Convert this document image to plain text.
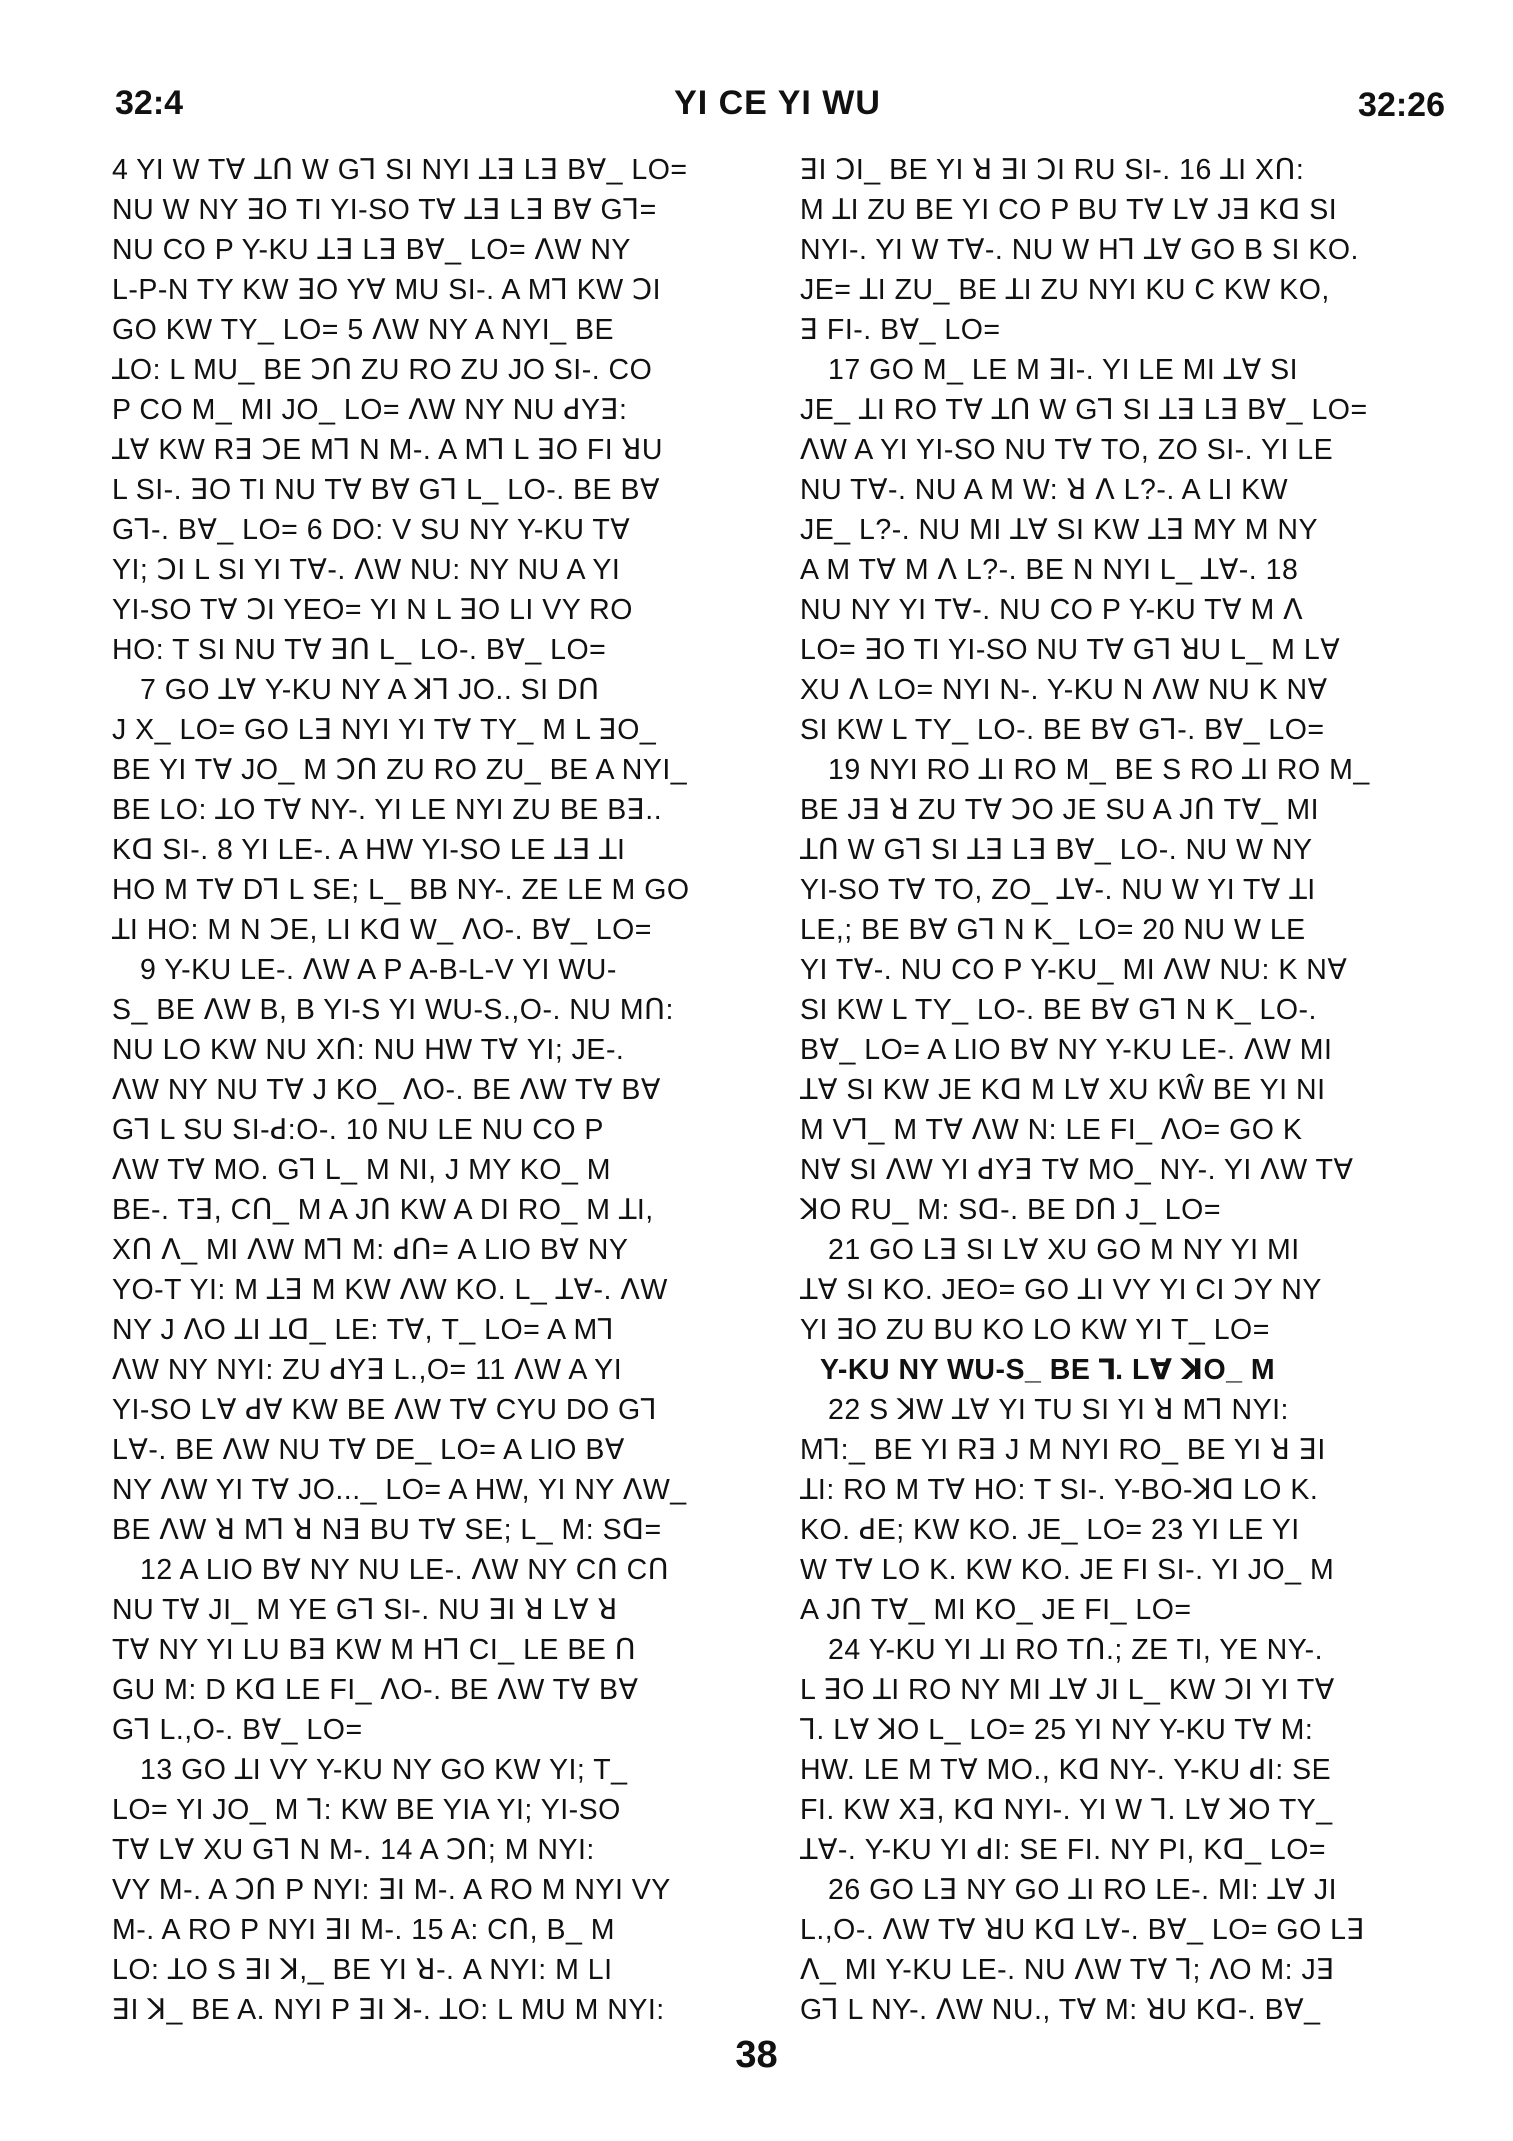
32:4	YI CE YI WU	32:26
4 YI W Tꓯ ꓕꓵ W Gꓶ SI NYI ꓕꓱ Lꓱ Bꓯ_ LO=
NU W NY ꓱO TI YI-SO Tꓯ ꓕꓱ Lꓱ Bꓯ Gꓶ=
NU CO P Y-KU ꓕꓱ Lꓱ Bꓯ_ LO= ꓥW NY
L-P-N TY KW ꓱO Yꓯ MU SI-. A Mꓶ KW ꓛI
GO KW TY_ LO= 5 ꓥW NY A NYI_ BE
ꓕO: L MU_ BE ꓛꓵ ZU RO ZU JO SI-. CO
P CO M_ MI JO_ LO= ꓥW NY NU ꓒYꓱ:
ꓕꓯ KW Rꓱ ꓛE Mꓶ N M-. A Mꓶ L ꓱO FI ꓤU
L SI-. ꓱO TI NU Tꓯ Bꓯ Gꓶ L_ LO-. BE Bꓯ
Gꓶ-. Bꓯ_ LO= 6 DO: V SU NY Y-KU Tꓯ
YI; ꓛI L SI YI Tꓯ-. ꓥW NU: NY NU A YI
YI-SO Tꓯ ꓛI YEO= YI N L ꓱO LI VY RO
HO: T SI NU Tꓯ ꓱꓵ L_ LO-. Bꓯ_ LO=
7 GO ꓕꓯ Y-KU NY A ꓘꓶ JO.. SI Dꓵ
J X_ LO= GO Lꓱ NYI YI Tꓯ TY_ M L ꓱO_
BE YI Tꓯ JO_ M ꓛꓵ ZU RO ZU_ BE A NYI_
BE LO: ꓕO Tꓯ NY-. YI LE NYI ZU BE Bꓱ..
Kꓷ SI-. 8 YI LE-. A HW YI-SO LE ꓕꓱ ꓕI
HO M Tꓯ Dꓶ L SE; L_ BB NY-. ZE LE M GO
ꓕI HO: M N ꓛE, LI Kꓷ W_ ꓥO-. Bꓯ_ LO=
9 Y-KU LE-. ꓥW A P A-B-L-V YI WU-
S_ BE ꓥW B, B YI-S YI WU-S.,O-. NU Mꓵ:
NU LO KW NU Xꓵ: NU HW Tꓯ YI; JE-.
ꓥW NY NU Tꓯ J KO_ ꓥO-. BE ꓥW Tꓯ Bꓯ
Gꓶ L SU SI-ꓒ:O-. 10 NU LE NU CO P
ꓥW Tꓯ MO. Gꓶ L_ M NI, J MY KO_ M
BE-. Tꓱ, Cꓵ_ M A Jꓵ KW A DI RO_ M ꓕI,
Xꓵ ꓥ_ MI ꓥW Mꓶ M: ꓒꓵ= A LIO Bꓯ NY
YO-T YI: M ꓕꓱ M KW ꓥW KO. L_ ꓕꓯ-. ꓥW
NY J ꓥO ꓕI ꓕꓷ_ LE: Tꓯ, T_ LO= A Mꓶ
ꓥW NY NYI: ZU ꓒYꓱ L.,O= 11 ꓥW A YI
YI-SO Lꓯ ꓒꓯ KW BE ꓥW Tꓯ CYU DO Gꓶ
Lꓯ-. BE ꓥW NU Tꓯ DE_ LO= A LIO Bꓯ
NY ꓥW YI Tꓯ JO..._ LO= A HW, YI NY ꓥW_
BE ꓥW ꓤ Mꓶ ꓤ Nꓱ BU Tꓯ SE; L_ M: Sꓷ=
12 A LIO Bꓯ NY NU LE-. ꓥW NY Cꓵ Cꓵ
NU Tꓯ JI_ M YE Gꓶ SI-. NU ꓱI ꓤ Lꓯ ꓤ
Tꓯ NY YI LU Bꓱ KW M Hꓶ CI_ LE BE ꓵ
GU M: D Kꓷ LE FI_ ꓥO-. BE ꓥW Tꓯ Bꓯ
Gꓶ L.,O-. Bꓯ_ LO=
13 GO ꓕI VY Y-KU NY GO KW YI; T_
LO= YI JO_ M ꓶ: KW BE YIA YI; YI-SO
Tꓯ Lꓯ XU Gꓶ N M-. 14 A ꓛꓵ; M NYI:
VY M-. A ꓛꓵ P NYI: ꓱI M-. A RO M NYI VY
M-. A RO P NYI ꓱI M-. 15 A: Cꓵ, B_ M
LO: ꓕO S ꓱI ꓘ,_ BE YI ꓤ-. A NYI: M LI
ꓱI ꓘ_ BE A. NYI P ꓱI ꓘ-. ꓕO: L MU M NYI:
ꓱI ꓛI_ BE YI ꓤ ꓱI ꓛI RU SI-. 16 ꓕI Xꓵ:
M ꓕI ZU BE YI CO P BU Tꓯ Lꓯ Jꓱ Kꓷ SI
NYI-. YI W Tꓯ-. NU W Hꓶ ꓕꓯ GO B SI KO.
JE= ꓕI ZU_ BE ꓕI ZU NYI KU C KW KO,
ꓱ FI-. Bꓯ_ LO=
17 GO M_ LE M ꓱI-. YI LE MI ꓕꓯ SI
JE_ ꓕI RO Tꓯ ꓕꓵ W Gꓶ SI ꓕꓱ Lꓱ Bꓯ_ LO=
ꓥW A YI YI-SO NU Tꓯ TO, ZO SI-. YI LE
NU Tꓯ-. NU A M W: ꓤ ꓥ L?-. A LI KW
JE_ L?-. NU MI ꓕꓯ SI KW ꓕꓱ MY M NY
A M Tꓯ M ꓥ L?-. BE N NYI L_ ꓕꓯ-. 18
NU NY YI Tꓯ-. NU CO P Y-KU Tꓯ M ꓥ
LO= ꓱO TI YI-SO NU Tꓯ Gꓶ ꓤU L_ M Lꓯ
XU ꓥ LO= NYI N-. Y-KU N ꓥW NU K Nꓯ
SI KW L TY_ LO-. BE Bꓯ Gꓶ-. Bꓯ_ LO=
19 NYI RO ꓕI RO M_ BE S RO ꓕI RO M_
BE Jꓱ ꓤ ZU Tꓯ ꓛO JE SU A Jꓵ Tꓯ_ MI
ꓕꓵ W Gꓶ SI ꓕꓱ Lꓱ Bꓯ_ LO-. NU W NY
YI-SO Tꓯ TO, ZO_ ꓕꓯ-. NU W YI Tꓯ ꓕI
LE,; BE Bꓯ Gꓶ N K_ LO= 20 NU W LE
YI Tꓯ-. NU CO P Y-KU_ MI ꓥW NU: K Nꓯ
SI KW L TY_ LO-. BE Bꓯ Gꓶ N K_ LO-.
Bꓯ_ LO= A LIO Bꓯ NY Y-KU LE-. ꓥW MI
ꓕꓯ SI KW JE Kꓷ M Lꓯ XU KŴ BE YI NI
M Vꓶ_ M Tꓯ ꓥW N: LE FI_ ꓥO= GO K
Nꓯ SI ꓥW YI ꓒYꓱ Tꓯ MO_ NY-. YI ꓥW Tꓯ
ꓘO RU_ M: Sꓷ-. BE Dꓵ J_ LO=
21 GO Lꓱ SI Lꓯ XU GO M NY YI MI
ꓕꓯ SI KO. JEO= GO ꓕI VY YI CI ꓛY NY
YI ꓱO ZU BU KO LO KW YI T_ LO=
Y-KU NY WU-S_ BE ꓶ. Lꓯ ꓘO_ M
22 S ꓘW ꓕꓯ YI TU SI YI ꓤ Mꓶ NYI:
Mꓶ:_ BE YI Rꓱ J M NYI RO_ BE YI ꓤ ꓱI
ꓕI: RO M Tꓯ HO: T SI-. Y-BO-ꓘꓷ LO K.
KO. ꓒE; KW KO. JE_ LO= 23 YI LE YI
W Tꓯ LO K. KW KO. JE FI SI-. YI JO_ M
A Jꓵ Tꓯ_ MI KO_ JE FI_ LO=
24 Y-KU YI ꓕI RO Tꓵ.; ZE TI, YE NY-.
L ꓱO ꓕI RO NY MI ꓕꓯ JI L_ KW ꓛI YI Tꓯ
ꓶ. Lꓯ ꓘO L_ LO= 25 YI NY Y-KU Tꓯ M:
HW. LE M Tꓯ MO., Kꓷ NY-. Y-KU ꓒI: SE
FI. KW Xꓱ, Kꓷ NYI-. YI W ꓶ. Lꓯ ꓘO TY_
ꓕꓯ-. Y-KU YI ꓒI: SE FI. NY PI, Kꓷ_ LO=
26 GO Lꓱ NY GO ꓕI RO LE-. MI: ꓕꓯ JI
L.,O-. ꓥW Tꓯ ꓤU Kꓷ Lꓯ-. Bꓯ_ LO= GO Lꓱ
ꓥ_ MI Y-KU LE-. NU ꓥW Tꓯ ꓶ; ꓥO M: Jꓱ
Gꓶ L NY-. ꓥW NU., Tꓯ M: ꓤU Kꓷ-. Bꓯ_
38
